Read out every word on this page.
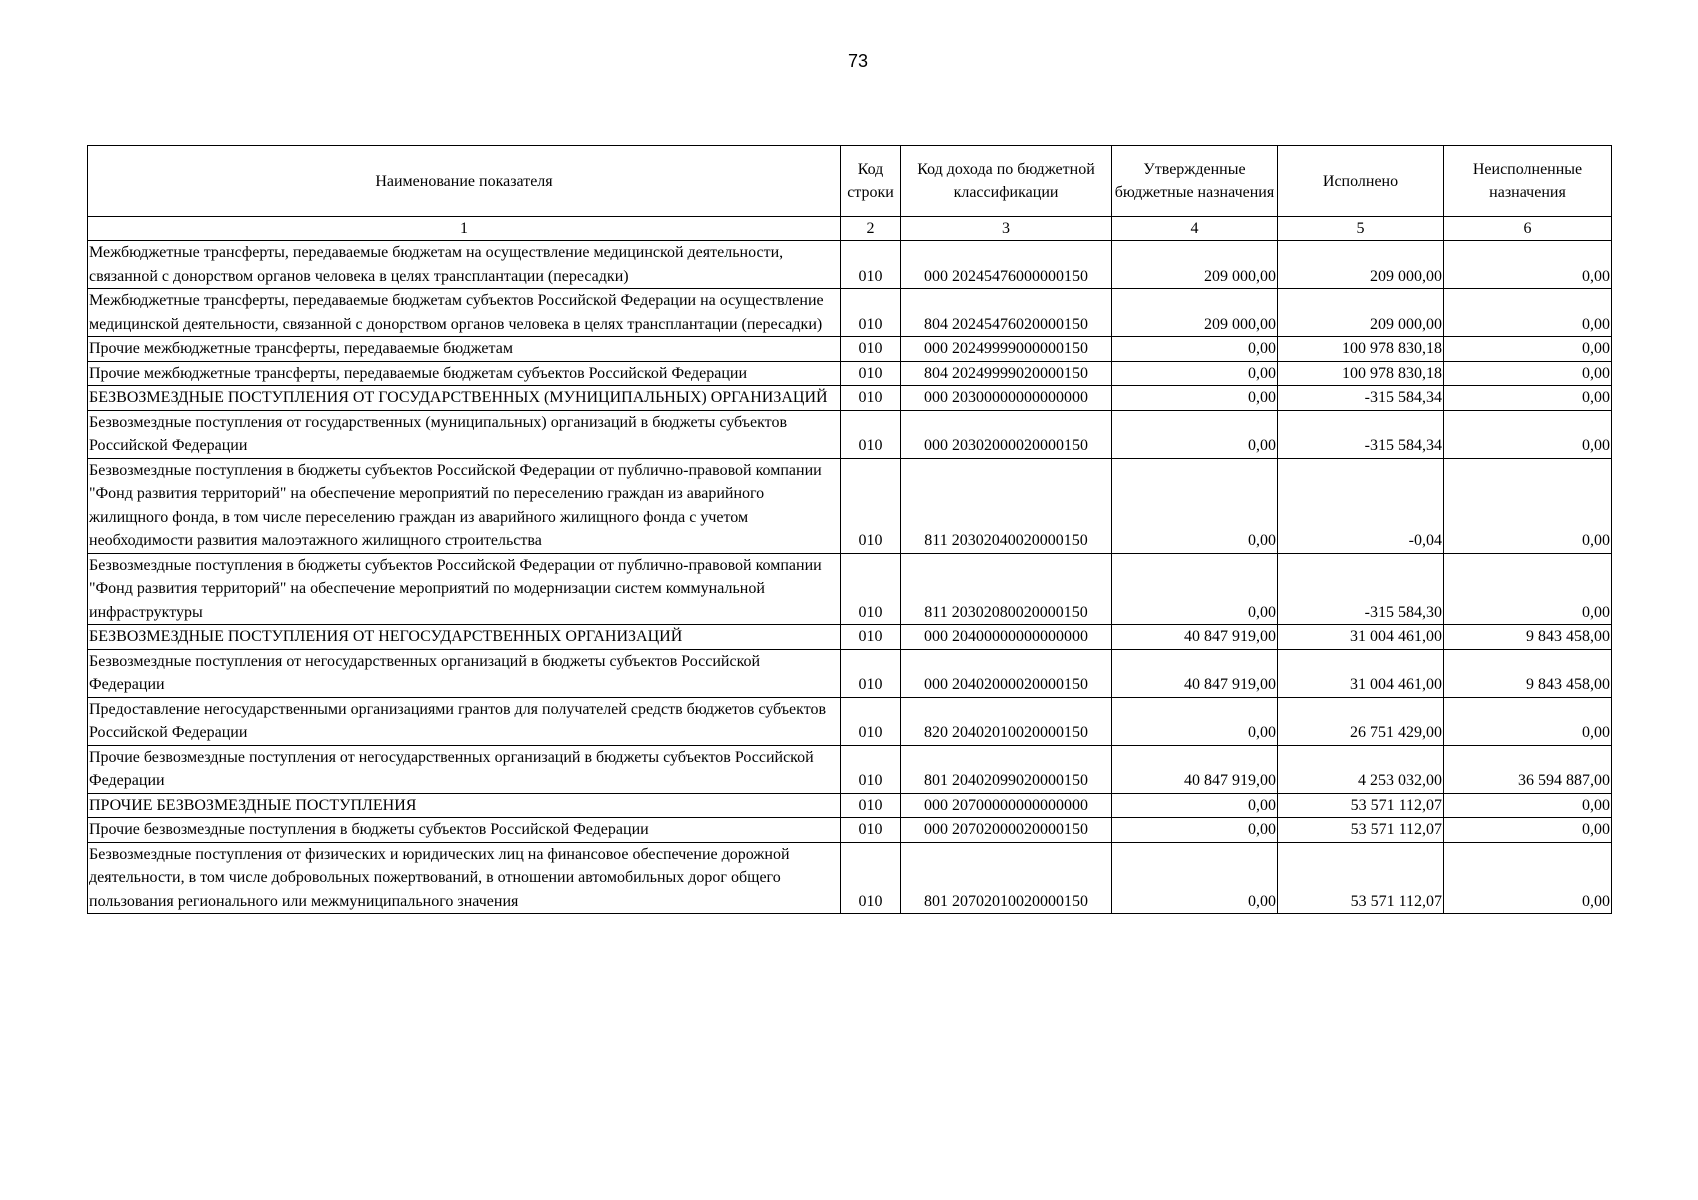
73
Наименование показателя	Код строки	Код дохода по бюджетной классификации	Утвержденные бюджетные назначения	Исполнено	Неисполненные назначения
1	2	3	4	5	6
Межбюджетные трансферты, передаваемые бюджетам на осуществление медицинской деятельности, связанной с донорством органов человека в целях трансплантации (пересадки)	010	000 20245476000000150	209 000,00	209 000,00	0,00
Межбюджетные трансферты, передаваемые бюджетам субъектов Российской Федерации на осуществление медицинской деятельности, связанной с донорством органов человека в целях трансплантации (пересадки)	010	804 20245476020000150	209 000,00	209 000,00	0,00
Прочие межбюджетные трансферты, передаваемые бюджетам	010	000 20249999000000150	0,00	100 978 830,18	0,00
Прочие межбюджетные трансферты, передаваемые бюджетам субъектов Российской Федерации	010	804 20249999020000150	0,00	100 978 830,18	0,00
БЕЗВОЗМЕЗДНЫЕ ПОСТУПЛЕНИЯ ОТ ГОСУДАРСТВЕННЫХ (МУНИЦИПАЛЬНЫХ) ОРГАНИЗАЦИЙ	010	000 20300000000000000	0,00	-315 584,34	0,00
Безвозмездные поступления от государственных (муниципальных) организаций в бюджеты субъектов Российской Федерации	010	000 20302000020000150	0,00	-315 584,34	0,00
Безвозмездные поступления в бюджеты субъектов Российской Федерации от публично-правовой компании "Фонд развития территорий" на обеспечение мероприятий по переселению граждан из аварийного жилищного фонда, в том числе переселению граждан из аварийного жилищного фонда с учетом необходимости развития малоэтажного жилищного строительства	010	811 20302040020000150	0,00	-0,04	0,00
Безвозмездные поступления в бюджеты субъектов Российской Федерации от публично-правовой компании "Фонд развития территорий" на обеспечение мероприятий по модернизации систем коммунальной инфраструктуры	010	811 20302080020000150	0,00	-315 584,30	0,00
БЕЗВОЗМЕЗДНЫЕ ПОСТУПЛЕНИЯ ОТ НЕГОСУДАРСТВЕННЫХ ОРГАНИЗАЦИЙ	010	000 20400000000000000	40 847 919,00	31 004 461,00	9 843 458,00
Безвозмездные поступления от негосударственных организаций в бюджеты субъектов Российской Федерации	010	000 20402000020000150	40 847 919,00	31 004 461,00	9 843 458,00
Предоставление негосударственными организациями грантов для получателей средств бюджетов субъектов Российской Федерации	010	820 20402010020000150	0,00	26 751 429,00	0,00
Прочие безвозмездные поступления от негосударственных организаций в бюджеты субъектов Российской Федерации	010	801 20402099020000150	40 847 919,00	4 253 032,00	36 594 887,00
ПРОЧИЕ БЕЗВОЗМЕЗДНЫЕ ПОСТУПЛЕНИЯ	010	000 20700000000000000	0,00	53 571 112,07	0,00
Прочие безвозмездные поступления в бюджеты субъектов Российской Федерации	010	000 20702000020000150	0,00	53 571 112,07	0,00
Безвозмездные поступления от физических и юридических лиц на финансовое обеспечение дорожной деятельности, в том числе добровольных пожертвований, в отношении автомобильных дорог общего пользования регионального или межмуниципального значения	010	801 20702010020000150	0,00	53 571 112,07	0,00
